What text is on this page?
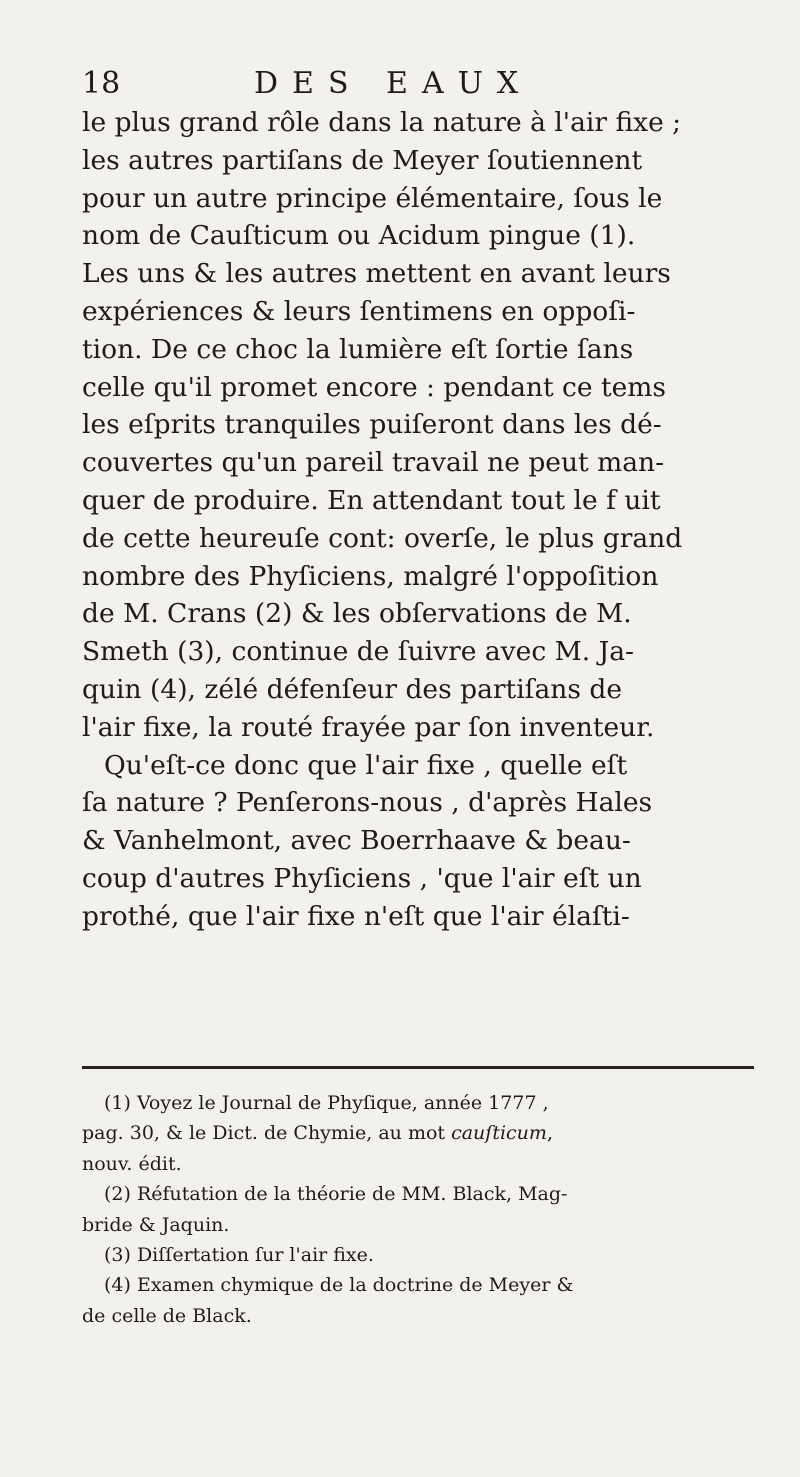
18	DES EAUX
le plus grand rôle dans la nature à l'air fixe ;
les autres partiſans de Meyer ſoutiennent
pour un autre principe élémentaire, ſous le
nom de Cauſticum ou Acidum pingue (1).
Les uns & les autres mettent en avant leurs
expériences & leurs ſentimens en oppoſi-
tion. De ce choc la lumière eſt ſortie ſans
celle qu'il promet encore : pendant ce tems
les eſprits tranquiles puiſeront dans les dé-
couvertes qu'un pareil travail ne peut man-
quer de produire. En attendant tout le f uit
de cette heureuſe cont: overſe, le plus grand
nombre des Phyſiciens, malgré l'oppoſition
de M. Crans (2) & les obſervations de M.
Smeth (3), continue de ſuivre avec M. Ja-
quin (4), zélé défenſeur des partiſans de
l'air fixe, la routé frayée par ſon inventeur.
Qu'eſt-ce donc que l'air fixe , quelle eſt
ſa nature ? Penſerons-nous , d'après Hales
& Vanhelmont, avec Boerrhaave & beau-
coup d'autres Phyſiciens , 'que l'air eſt un
prothé, que l'air fixe n'eſt que l'air élaſti-
(1) Voyez le Journal de Phyſique, année 1777 ,
pag. 30, & le Dict. de Chymie, au mot cauſticum,
nouv. édit.
(2) Réfutation de la théorie de MM. Black, Mag-
bride & Jaquin.
(3) Diſſertation ſur l'air fixe.
(4) Examen chymique de la doctrine de Meyer &
de celle de Black.
